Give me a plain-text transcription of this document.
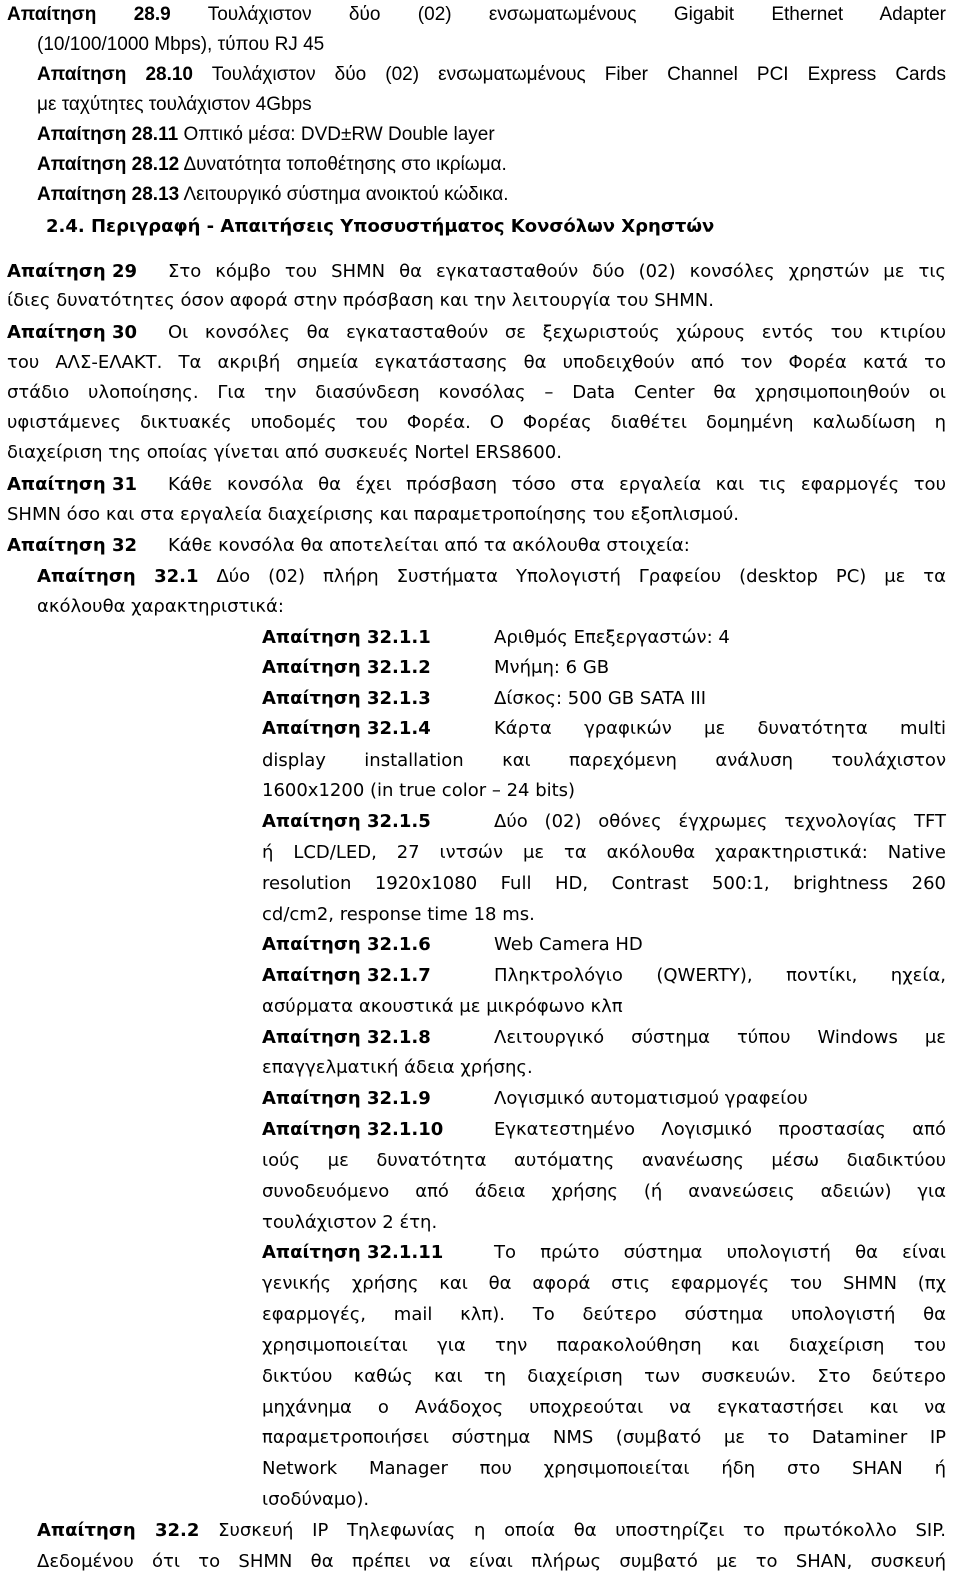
Απαίτηση 28.9 Τουλάχιστον δύο (02) ενσωματωμένους Gigabit Ethernet Adapter
(10/100/1000 Mbps), τύπου RJ 45
Απαίτηση 28.10 Τουλάχιστον δύο (02) ενσωματωμένους Fiber Channel PCI Express Cards
με ταχύτητες τουλάχιστον 4Gbps
Απαίτηση 28.11 Οπτικό μέσα: DVD±RW Double layer
Απαίτηση 28.12 Δυνατότητα τοποθέτησης στο ικρίωμα.
Απαίτηση 28.13 Λειτουργικό σύστημα ανοικτού κώδικα.
2.4. Περιγραφή - Απαιτήσεις Υποσυστήματος Κονσόλων Χρηστών
Απαίτηση 29 Στο κόμβο του SHMN θα εγκατασταθούν δύο (02) κονσόλες χρηστών με τις
ίδιες δυνατότητες όσον αφορά στην πρόσβαση και την λειτουργία του SHMN.
Απαίτηση 30 Οι κονσόλες θα εγκατασταθούν σε ξεχωριστούς χώρους εντός του κτιρίου
του ΑΛΣ-ΕΛΑΚΤ. Τα ακριβή σημεία εγκατάστασης θα υποδειχθούν από τον Φορέα κατά το
στάδιο υλοποίησης. Για την διασύνδεση κονσόλας – Data Center θα χρησιμοποιηθούν οι
υφιστάμενες δικτυακές υποδομές του Φορέα. Ο Φορέας διαθέτει δομημένη καλωδίωση η
διαχείριση της οποίας γίνεται από συσκευές Nortel ERS8600.
Απαίτηση 31 Κάθε κονσόλα θα έχει πρόσβαση τόσο στα εργαλεία και τις εφαρμογές του
SHMN όσο και στα εργαλεία διαχείρισης και παραμετροποίησης του εξοπλισμού.
Απαίτηση 32 Κάθε κονσόλα θα αποτελείται από τα ακόλουθα στοιχεία:
Απαίτηση 32.1 Δύο (02) πλήρη Συστήματα Υπολογιστή Γραφείου (desktop PC) με τα
ακόλουθα χαρακτηριστικά:
Απαίτηση 32.1.1	Αριθμός Επεξεργαστών: 4
Απαίτηση 32.1.2	Μνήμη: 6 GB
Απαίτηση 32.1.3	Δίσκος: 500 GB SATA III
Απαίτηση 32.1.4	Κάρτα γραφικών με δυνατότητα multi
display installation και παρεχόμενη ανάλυση τουλάχιστον
1600x1200 (in true color – 24 bits)
Απαίτηση 32.1.5	Δύο (02) οθόνες έγχρωμες τεχνολογίας TFT
ή LCD/LED, 27 ιντσών με τα ακόλουθα χαρακτηριστικά: Native
resolution 1920x1080 Full HD, Contrast 500:1, brightness 260
cd/cm2, response time 18 ms.
Απαίτηση 32.1.6	Web Camera HD
Απαίτηση 32.1.7	Πληκτρολόγιο (QWERTY), ποντίκι, ηχεία,
ασύρματα ακουστικά με μικρόφωνο κλπ
Απαίτηση 32.1.8	Λειτουργικό σύστημα τύπου Windows με
επαγγελματική άδεια χρήσης.
Απαίτηση 32.1.9	Λογισμικό αυτοματισμού γραφείου
Απαίτηση 32.1.10	Εγκατεστημένο Λογισμικό προστασίας από
ιούς με δυνατότητα αυτόματης ανανέωσης μέσω διαδικτύου
συνοδευόμενο από άδεια χρήσης (ή ανανεώσεις αδειών) για
τουλάχιστον 2 έτη.
Απαίτηση 32.1.11	Το πρώτο σύστημα υπολογιστή θα είναι
γενικής χρήσης και θα αφορά στις εφαρμογές του SHMN (πχ
εφαρμογές, mail κλπ). Το δεύτερο σύστημα υπολογιστή θα
χρησιμοποιείται για την παρακολούθηση και διαχείριση του
δικτύου καθώς και τη διαχείριση των συσκευών. Στο δεύτερο
μηχάνημα ο Ανάδοχος υποχρεούται να εγκαταστήσει και να
παραμετροποιήσει σύστημα NMS (συμβατό με το Dataminer IP
Network Manager που χρησιμοποιείται ήδη στο SHAN ή
ισοδύναμο).
Απαίτηση 32.2 Συσκευή IP Τηλεφωνίας η οποία θα υποστηρίζει το πρωτόκολλο SIP.
Δεδομένου ότι το SHMN θα πρέπει να είναι πλήρως συμβατό με το SHAN, συσκευή
